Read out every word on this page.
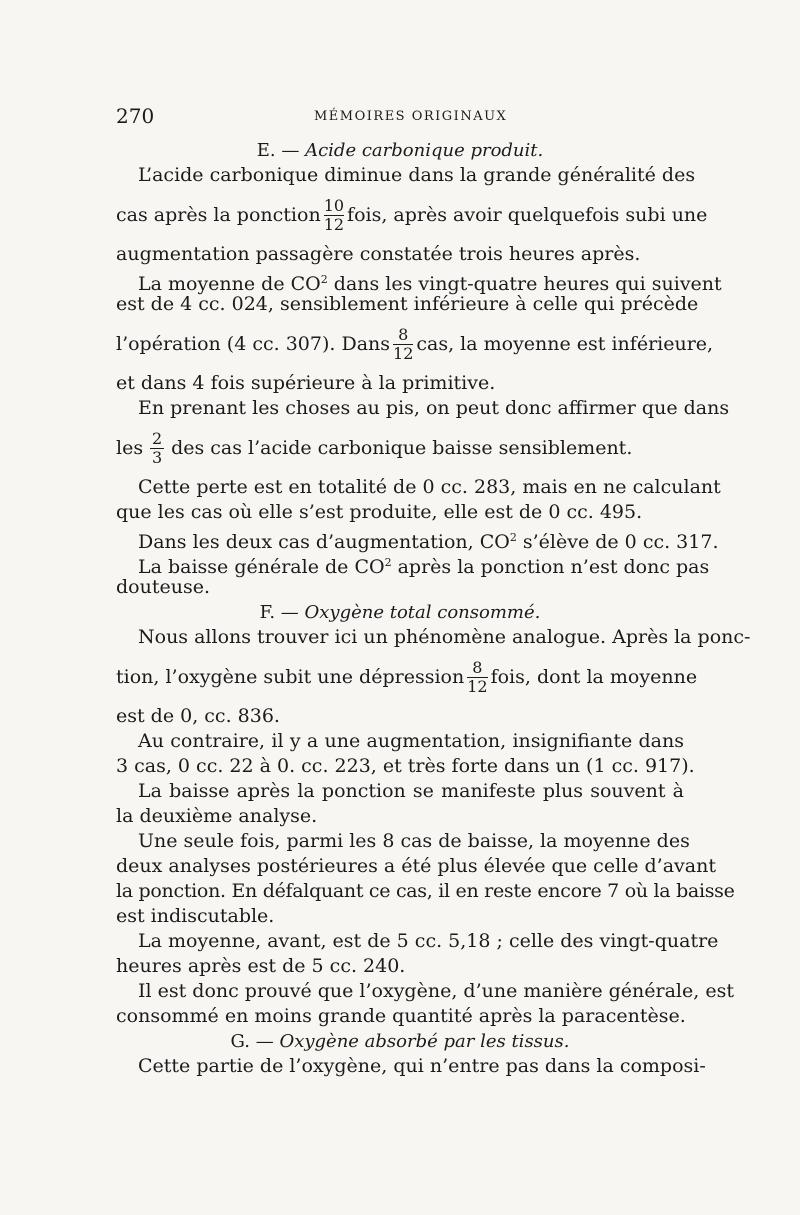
270	MÉMOIRES ORIGINAUX
E. — Acide carbonique produit.
L’acide carbonique diminue dans la grande généralité des
cas après la ponction $\frac{10}{12}$ fois, après avoir quelquefois subi une
augmentation passagère constatée trois heures après.
La moyenne de $CO^2$ dans les vingt-quatre heures qui suivent
est de 4 cc. 024, sensiblement inférieure à celle qui précède
l’opération (4 cc. 307). Dans $\frac{8}{12}$ cas, la moyenne est inférieure,
et dans 4 fois supérieure à la primitive.
En prenant les choses au pis, on peut donc affirmer que dans
les $\frac{2}{3}$ des cas l’acide carbonique baisse sensiblement.
Cette perte est en totalité de 0 cc. 283, mais en ne calculant
que les cas où elle s’est produite, elle est de 0 cc. 495.
Dans les deux cas d’augmentation, $CO^2$ s’élève de 0 cc. 317.
La baisse générale de $CO^2$ après la ponction n’est donc pas
douteuse.
F. — Oxygène total consommé.
Nous allons trouver ici un phénomène analogue. Après la ponc-
tion, l’oxygène subit une dépression $\frac{8}{12}$ fois, dont la moyenne
est de 0, cc. 836.
Au contraire, il y a une augmentation, insignifiante dans
3 cas, 0 cc. 22 à 0. cc. 223, et très forte dans un (1 cc. 917).
La baisse après la ponction se manifeste plus souvent à
la deuxième analyse.
Une seule fois, parmi les 8 cas de baisse, la moyenne des
deux analyses postérieures a été plus élevée que celle d’avant
la ponction. En défalquant ce cas, il en reste encore 7 où la baisse
est indiscutable.
La moyenne, avant, est de 5 cc. 5,18 ; celle des vingt-quatre
heures après est de 5 cc. 240.
Il est donc prouvé que l’oxygène, d’une manière générale, est
consommé en moins grande quantité après la paracentèse.
G. — Oxygène absorbé par les tissus.
Cette partie de l’oxygène, qui n’entre pas dans la composi-
